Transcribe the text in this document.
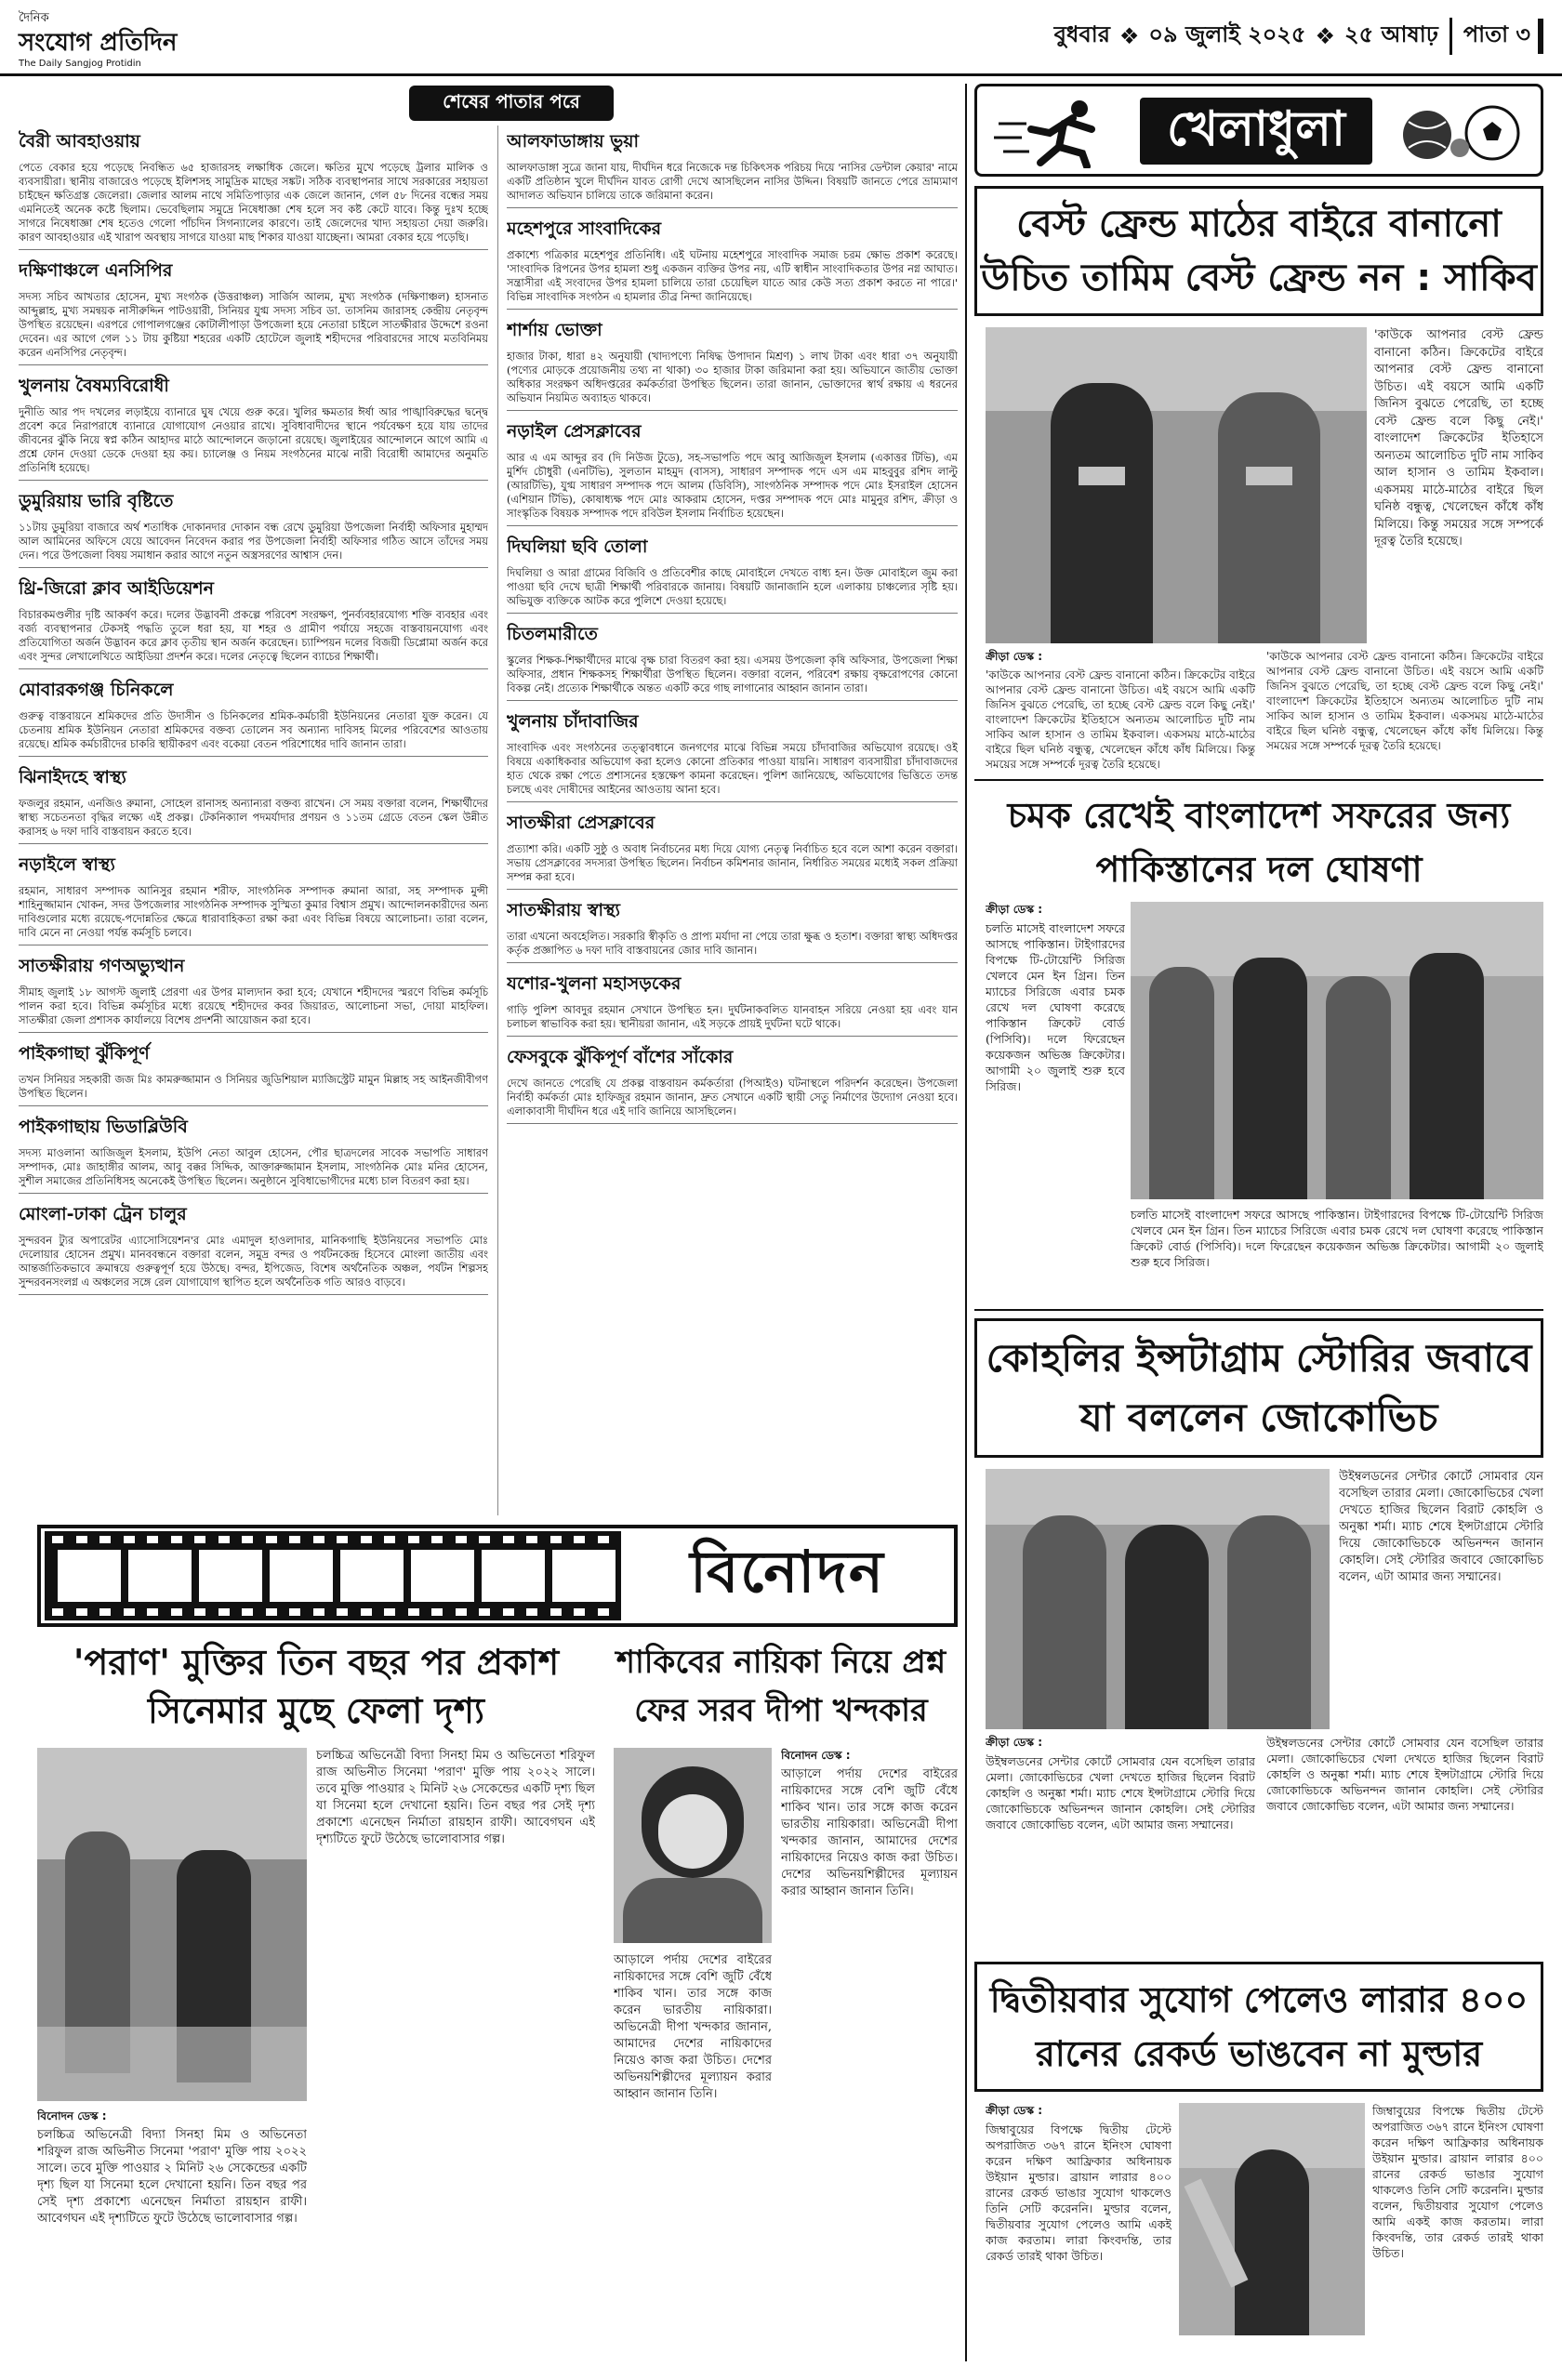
দৈনিক
সংযোগ প্রতিদিন
The Daily Sangjog Protidin
বুধবার ❖ ০৯ জুলাই ২০২৫ ❖ ২৫ আষাঢ়	পাতা ৩
শেষের পাতার পরে
বৈরী আবহাওয়ায়
পেতে বেকার হয়ে পড়েছে নিবন্ধিত ৬৫ হাজারসহ লক্ষাধিক জেলে। ক্ষতির মুখে পড়েছে ট্রলার মালিক ও ব্যবসায়ীরা। স্থানীয় বাজারেও পড়েছে ইলিশসহ সামুদ্রিক মাছের সঙ্কট। সঠিক ব্যবস্থাপনার সাথে সরকারের সহায়তা চাইছেন ক্ষতিগ্রস্ত জেলেরা। জেলার আলম নাথে সমিতিপাড়ার এক জেলে জানান, গেল ৫৮ দিনের বন্ধের সময় এমনিতেই অনেক কষ্টে ছিলাম। ভেবেছিলাম সমুদ্রে নিষেধাজ্ঞা শেষ হলে সব কষ্ট কেটে যাবে। কিন্তু দুঃখ হচ্ছে সাগরে নিষেধাজ্ঞা শেষ হতেও গেলো পাঁচদিন সিগন্যালের কারণে। তাই জেলেদের খাদ্য সহায়তা দেয়া জরুরি। কারণ আবহাওয়ার এই খারাপ অবস্থায় সাগরে যাওয়া মাছ শিকার যাওয়া যাচ্ছেনা। আমরা বেকার হয়ে পড়েছি।
দক্ষিণাঞ্চলে এনসিপির
সদস্য সচিব আখতার হোসেন, মুখ্য সংগঠক (উত্তরাঞ্চল) সার্জিস আলম, মুখ্য সংগঠক (দক্ষিণাঞ্চল) হাসনাত আব্দুল্লাহ, মুখ্য সমন্বয়ক নাসীরুদ্দিন পাটওয়ারী, সিনিয়র যুগ্ম সদস্য সচিব ডা. তাসনিম জারাসহ কেন্দ্রীয় নেতৃবৃন্দ উপস্থিত রয়েছেন। এরপরে গোপালগঞ্জের কোটালীপাড়া উপজেলা হয়ে নেতারা চাইলে সাতক্ষীরার উদ্দেশে রওনা দেবেন। এর আগে গেল ১১ টায় কুষ্টিয়া শহরের একটি হোটেলে জুলাই শহীদদের পরিবারদের সাথে মতবিনিময় করেন এনসিপির নেতৃবৃন্দ।
খুলনায় বৈষম্যবিরোধী
দুনীতি আর পদ দখলের লড়াইয়ে ব্যানারে ঘুষ খেয়ে গুরু করে। খুলির ক্ষমতার ঈর্ষা আর পাঙ্খাবিরুদ্ধের দ্বন্দ্বে প্রবেশ করে নিরাপরাধে ব্যানারে যোগাযোগ নেওয়ার রাখে। সুবিধাবাদীদের স্থানে পর্যবেক্ষণ হয়ে যায় তাদের জীবনের ঝুঁকি নিয়ে স্বপ্ন কঠিন আহাদর মাঠে আন্দোলনে জড়ানো রয়েছে। জুলাইয়ের আন্দোলনে আগে আমি এ প্রশ্নে ফোন দেওয়া ডেকে দেওয়া হয় কয়। চ্যালেঞ্জ ও নিয়ম সংগঠনের মাঝে নারী বিরোধী আমাদের অনুমতি প্রতিনিধি হয়েছে।
ডুমুরিয়ায় ভারি বৃষ্টিতে
১১টায় ডুমুরিয়া বাজারে অর্থ শতাধিক দোকানদার দোকান বন্ধ রেখে ডুমুরিয়া উপজেলা নির্বাহী অফিসার মুহাম্মদ আল আমিনের অফিসে যেয়ে আবেদন নিবেদন করার পর উপজেলা নির্বাহী অফিসার গঠিত আসে তাঁদের সময় দেন। পরে উপজেলা বিষয় সমাধান করার আগে নতুন অস্ত্রসরণের আশ্বাস দেন।
থ্রি-জিরো ক্লাব আইডিয়েশন
বিচারকমণ্ডলীর দৃষ্টি আকর্ষণ করে। দলের উদ্ভাবনী প্রকল্পে পরিবেশ সংরক্ষণ, পুনর্ব্যবহারযোগ্য শক্তি ব্যবহার এবং বর্জ্য ব্যবস্থাপনার টেকসই পদ্ধতি তুলে ধরা হয়, যা শহর ও গ্রামীণ পর্যায়ে সহজে বাস্তবায়নযোগ্য এবং প্রতিযোগিতা অর্জন উদ্ভাবন করে ক্লাব তৃতীয় স্থান অর্জন করেছেন। চ্যাম্পিয়ন দলের বিজয়ী ডিপ্লোমা অর্জন করে এবং সুন্দর লেখালেখিতে আইডিয়া প্রদর্শন করে। দলের নেতৃত্বে ছিলেন ব্যাচের শিক্ষার্থী।
মোবারকগঞ্জ চিনিকলে
গুরুত্ব বাস্তবায়নে শ্রমিকদের প্রতি উদাসীন ও চিনিকলের শ্রমিক-কর্মচারী ইউনিয়নের নেতারা যুক্ত করেন। যে চেতনায় শ্রমিক ইউনিয়ন নেতারা শ্রমিকদের বক্তব্য তোলেন সব অন্যান্য দাবিসহ মিলের পরিবেশের আওতায় রয়েছে। শ্রমিক কর্মচারীদের চাকরি স্থায়ীকরণ এবং বকেয়া বেতন পরিশোধের দাবি জানান তারা।
ঝিনাইদহে স্বাস্থ্য
ফজলুর রহমান, এনজিও রুমানা, সোহেল রানাসহ অন্যান্যরা বক্তব্য রাখেন। সে সময় বক্তারা বলেন, শিক্ষার্থীদের স্বাস্থ্য সচেতনতা বৃদ্ধির লক্ষ্যে এই প্রকল্প। টেকনিক্যাল পদমর্যাদার প্রণয়ন ও ১১তম গ্রেডে বেতন স্কেল উন্নীত করাসহ ৬ দফা দাবি বাস্তবায়ন করতে হবে।
নড়াইলে স্বাস্থ্য
রহমান, সাধারণ সম্পাদক আনিসুর রহমান শরীফ, সাংগঠনিক সম্পাদক রুমানা আরা, সহ সম্পাদক মুন্সী শাহিনুজ্জামান খোকন, সদর উপজেলার সাংগঠনিক সম্পাদক সুস্মিতা কুমার বিশ্বাস প্রমুখ। আন্দোলনকারীদের অন্য দাবিগুলোর মধ্যে রয়েছে-পদোন্নতির ক্ষেত্রে ধারাবাহিকতা রক্ষা করা এবং বিভিন্ন বিষয়ে আলোচনা। তারা বলেন, দাবি মেনে না নেওয়া পর্যন্ত কর্মসূচি চলবে।
সাতক্ষীরায় গণঅভ্যুত্থান
সীমাহ জুলাই ১৮ আগস্ট জুলাই প্রেরণা এর উপর মাল্যদান করা হবে; যেখানে শহীদদের স্মরণে বিভিন্ন কর্মসূচি পালন করা হবে। বিভিন্ন কর্মসূচির মধ্যে রয়েছে শহীদদের কবর জিয়ারত, আলোচনা সভা, দোয়া মাহফিল। সাতক্ষীরা জেলা প্রশাসক কার্যালয়ে বিশেষ প্রদর্শনী আয়োজন করা হবে।
পাইকগাছা ঝুঁকিপূর্ণ
তখন সিনিয়র সহকারী জজ মিঃ কামরুজ্জামান ও সিনিয়র জুডিশিয়াল ম্যাজিস্ট্রেট মামুন মিল্লাহ সহ আইনজীবীগণ উপস্থিত ছিলেন।
পাইকগাছায় ভিডাব্লিউবি
সদস্য মাওলানা আজিজুল ইসলাম, ইউপি নেতা আবুল হোসেন, পৌর ছাত্রদলের সাবেক সভাপতি সাধারণ সম্পাদক, মোঃ জাহাঙ্গীর আলম, আবু বক্কর সিদ্দিক, আক্তারুজ্জামান ইসলাম, সাংগঠনিক মোঃ মনির হোসেন, সুশীল সমাজের প্রতিনিধিসহ অনেকেই উপস্থিত ছিলেন। অনুষ্ঠানে সুবিধাভোগীদের মধ্যে চাল বিতরণ করা হয়।
মোংলা-ঢাকা ট্রেন চালুর
সুন্দরবন ট্যুর অপারেটর এ্যাসোসিয়েশন'র মোঃ এমাদুল হাওলাদার, মানিকগাছি ইউনিয়নের সভাপতি মোঃ দেলোয়ার হোসেন প্রমুখ। মানববন্ধনে বক্তারা বলেন, সমুদ্র বন্দর ও পর্যটনকেন্দ্র হিসেবে মোংলা জাতীয় এবং আন্তর্জাতিকভাবে ক্রমান্বয়ে গুরুত্বপূর্ণ হয়ে উঠছে। বন্দর, ইপিজেড, বিশেষ অর্থনৈতিক অঞ্চল, পর্যটন শিল্পসহ সুন্দরবনসংলগ্ন এ অঞ্চলের সঙ্গে রেল যোগাযোগ স্থাপিত হলে অর্থনৈতিক গতি আরও বাড়বে।
আলফাডাঙ্গায় ভুয়া
আলফাডাঙ্গা সুত্রে জানা যায়, দীর্ঘদিন ধরে নিজেকে দন্ত চিকিৎসক পরিচয় দিয়ে 'নাসির ডেন্টাল কেয়ার' নামে একটি প্রতিষ্ঠান খুলে দীর্ঘদিন যাবত রোগী দেখে আসছিলেন নাসির উদ্দিন। বিষয়টি জানতে পেরে ভ্রাম্যমাণ আদালত অভিযান চালিয়ে তাকে জরিমানা করেন।
মহেশপুরে সাংবাদিকের
প্রকাশ্যে পত্রিকার মহেশপুর প্রতিনিধি। এই ঘটনায় মহেশপুরে সাংবাদিক সমাজ চরম ক্ষোভ প্রকাশ করেছে। 'সাংবাদিক রিপনের উপর হামলা শুধু একজন ব্যক্তির উপর নয়, এটি স্বাধীন সাংবাদিকতার উপর নগ্ন আঘাত। সন্ত্রাসীরা এই সংবাদের উপর হামলা চালিয়ে তারা চেয়েছিল যাতে আর কেউ সত্য প্রকাশ করতে না পারে।' বিভিন্ন সাংবাদিক সংগঠন এ হামলার তীব্র নিন্দা জানিয়েছে।
শার্শায় ভোক্তা
হাজার টাকা, ধারা ৪২ অনুযায়ী (খাদ্যপণ্যে নিষিদ্ধ উপাদান মিশ্রণ) ১ লাখ টাকা এবং ধারা ৩৭ অনুযায়ী (পণ্যের মোড়কে প্রয়োজনীয় তথ্য না থাকা) ৩০ হাজার টাকা জরিমানা করা হয়। অভিযানে জাতীয় ভোক্তা অধিকার সংরক্ষণ অধিদপ্তরের কর্মকর্তারা উপস্থিত ছিলেন। তারা জানান, ভোক্তাদের স্বার্থ রক্ষায় এ ধরনের অভিযান নিয়মিত অব্যাহত থাকবে।
নড়াইল প্রেসক্লাবের
আর এ এম আব্দুর রব (দি নিউজ টুডে), সহ-সভাপতি পদে আবু আজিজুল ইসলাম (একাত্তর টিভি), এম মুর্শিদ চৌধুরী (এনটিভি), সুলতান মাহমুদ (বাসস), সাধারণ সম্পাদক পদে এস এম মাহবুবুর রশিদ লাল্টু (আরটিভি), যুগ্ম সাধারণ সম্পাদক পদে আলম (ডিবিসি), সাংগঠনিক সম্পাদক পদে মোঃ ইসরাইল হোসেন (এশিয়ান টিভি), কোষাধ্যক্ষ পদে মোঃ আকরাম হোসেন, দপ্তর সম্পাদক পদে মোঃ মামুনুর রশিদ, ক্রীড়া ও সাংস্কৃতিক বিষয়ক সম্পাদক পদে রবিউল ইসলাম নির্বাচিত হয়েছেন।
দিঘলিয়া ছবি তোলা
দিঘলিয়া ও আরা গ্রামের বিজিবি ও প্রতিবেশীর কাছে মোবাইলে দেখতে বাধ্য হন। উক্ত মোবাইলে জুম করা পাওয়া ছবি দেখে ছাত্রী শিক্ষার্থী পরিবারকে জানায়। বিষয়টি জানাজানি হলে এলাকায় চাঞ্চল্যের সৃষ্টি হয়। অভিযুক্ত ব্যক্তিকে আটক করে পুলিশে দেওয়া হয়েছে।
চিতলমারীতে
স্কুলের শিক্ষক-শিক্ষার্থীদের মাঝে বৃক্ষ চারা বিতরণ করা হয়। এসময় উপজেলা কৃষি অফিসার, উপজেলা শিক্ষা অফিসার, প্রধান শিক্ষকসহ শিক্ষার্থীরা উপস্থিত ছিলেন। বক্তারা বলেন, পরিবেশ রক্ষায় বৃক্ষরোপণের কোনো বিকল্প নেই। প্রত্যেক শিক্ষার্থীকে অন্তত একটি করে গাছ লাগানোর আহ্বান জানান তারা।
খুলনায় চাঁদাবাজির
সাংবাদিক এবং সংগঠনের তত্ত্বাবধানে জনগণের মাঝে বিভিন্ন সময়ে চাঁদাবাজির অভিযোগ রয়েছে। ওই বিষয়ে একাধিকবার অভিযোগ করা হলেও কোনো প্রতিকার পাওয়া যায়নি। সাধারণ ব্যবসায়ীরা চাঁদাবাজদের হাত থেকে রক্ষা পেতে প্রশাসনের হস্তক্ষেপ কামনা করেছেন। পুলিশ জানিয়েছে, অভিযোগের ভিত্তিতে তদন্ত চলছে এবং দোষীদের আইনের আওতায় আনা হবে।
সাতক্ষীরা প্রেসক্লাবের
প্রত্যাশা করি। একটি সুষ্ঠু ও অবাধ নির্বাচনের মধ্য দিয়ে যোগ্য নেতৃত্ব নির্বাচিত হবে বলে আশা করেন বক্তারা। সভায় প্রেসক্লাবের সদস্যরা উপস্থিত ছিলেন। নির্বাচন কমিশনার জানান, নির্ধারিত সময়ের মধ্যেই সকল প্রক্রিয়া সম্পন্ন করা হবে।
সাতক্ষীরায় স্বাস্থ্য
তারা এখনো অবহেলিত। সরকারি স্বীকৃতি ও প্রাপ্য মর্যাদা না পেয়ে তারা ক্ষুব্ধ ও হতাশ। বক্তারা স্বাস্থ্য অধিদপ্তর কর্তৃক প্রজ্ঞাপিত ৬ দফা দাবি বাস্তবায়নের জোর দাবি জানান।
যশোর-খুলনা মহাসড়কের
গাড়ি পুলিশ আবদুর রহমান সেখানে উপস্থিত হন। দুর্ঘটনাকবলিত যানবাহন সরিয়ে নেওয়া হয় এবং যান চলাচল স্বাভাবিক করা হয়। স্থানীয়রা জানান, এই সড়কে প্রায়ই দুর্ঘটনা ঘটে থাকে।
ফেসবুকে ঝুঁকিপূর্ণ বাঁশের সাঁকোর
দেখে জানতে পেরেছি যে প্রকল্প বাস্তবায়ন কর্মকর্তারা (পিআইও) ঘটনাস্থলে পরিদর্শন করেছেন। উপজেলা নির্বাহী কর্মকর্তা মোঃ হাফিজুর রহমান জানান, দ্রুত সেখানে একটি স্থায়ী সেতু নির্মাণের উদ্যোগ নেওয়া হবে। এলাকাবাসী দীর্ঘদিন ধরে এই দাবি জানিয়ে আসছিলেন।
বিনোদন
'পরাণ' মুক্তির তিন বছর পর প্রকাশ সিনেমার মুছে ফেলা দৃশ্য
বিনোদন ডেস্ক :
চলচ্চিত্র অভিনেত্রী বিদ্যা সিনহা মিম ও অভিনেতা শরিফুল রাজ অভিনীত সিনেমা 'পরাণ' মুক্তি পায় ২০২২ সালে। তবে মুক্তি পাওয়ার ২ মিনিট ২৬ সেকেন্ডের একটি দৃশ্য ছিল যা সিনেমা হলে দেখানো হয়নি। তিন বছর পর সেই দৃশ্য প্রকাশ্যে এনেছেন নির্মাতা রায়হান রাফী। আবেগঘন এই দৃশ্যটিতে ফুটে উঠেছে ভালোবাসার গল্প।
চলচ্চিত্র অভিনেত্রী বিদ্যা সিনহা মিম ও অভিনেতা শরিফুল রাজ অভিনীত সিনেমা 'পরাণ' মুক্তি পায় ২০২২ সালে। তবে মুক্তি পাওয়ার ২ মিনিট ২৬ সেকেন্ডের একটি দৃশ্য ছিল যা সিনেমা হলে দেখানো হয়নি। তিন বছর পর সেই দৃশ্য প্রকাশ্যে এনেছেন নির্মাতা রায়হান রাফী। আবেগঘন এই দৃশ্যটিতে ফুটে উঠেছে ভালোবাসার গল্প।
শাকিবের নায়িকা নিয়ে প্রশ্ন ফের সরব দীপা খন্দকার
বিনোদন ডেস্ক :
আড়ালে পর্দায় দেশের বাইরের নায়িকাদের সঙ্গে বেশি জুটি বেঁধে শাকিব খান। তার সঙ্গে কাজ করেন ভারতীয় নায়িকারা। অভিনেত্রী দীপা খন্দকার জানান, আমাদের দেশের নায়িকাদের নিয়েও কাজ করা উচিত। দেশের অভিনয়শিল্পীদের মূল্যায়ন করার আহ্বান জানান তিনি।
আড়ালে পর্দায় দেশের বাইরের নায়িকাদের সঙ্গে বেশি জুটি বেঁধে শাকিব খান। তার সঙ্গে কাজ করেন ভারতীয় নায়িকারা। অভিনেত্রী দীপা খন্দকার জানান, আমাদের দেশের নায়িকাদের নিয়েও কাজ করা উচিত। দেশের অভিনয়শিল্পীদের মূল্যায়ন করার আহ্বান জানান তিনি।
খেলাধুলা
বেস্ট ফ্রেন্ড মাঠের বাইরে বানানো উচিত তামিম বেস্ট ফ্রেন্ড নন : সাকিব
'কাউকে আপনার বেস্ট ফ্রেন্ড বানানো কঠিন। ক্রিকেটের বাইরে আপনার বেস্ট ফ্রেন্ড বানানো উচিত। এই বয়সে আমি একটি জিনিস বুঝতে পেরেছি, তা হচ্ছে বেস্ট ফ্রেন্ড বলে কিছু নেই।' বাংলাদেশ ক্রিকেটের ইতিহাসে অন্যতম আলোচিত দুটি নাম সাকিব আল হাসান ও তামিম ইকবাল। একসময় মাঠে-মাঠের বাইরে ছিল ঘনিষ্ঠ বন্ধুত্ব, খেলেছেন কাঁধে কাঁধ মিলিয়ে। কিন্তু সময়ের সঙ্গে সম্পর্কে দূরত্ব তৈরি হয়েছে।
ক্রীড়া ডেস্ক :
'কাউকে আপনার বেস্ট ফ্রেন্ড বানানো কঠিন। ক্রিকেটের বাইরে আপনার বেস্ট ফ্রেন্ড বানানো উচিত। এই বয়সে আমি একটি জিনিস বুঝতে পেরেছি, তা হচ্ছে বেস্ট ফ্রেন্ড বলে কিছু নেই।' বাংলাদেশ ক্রিকেটের ইতিহাসে অন্যতম আলোচিত দুটি নাম সাকিব আল হাসান ও তামিম ইকবাল। একসময় মাঠে-মাঠের বাইরে ছিল ঘনিষ্ঠ বন্ধুত্ব, খেলেছেন কাঁধে কাঁধ মিলিয়ে। কিন্তু সময়ের সঙ্গে সম্পর্কে দূরত্ব তৈরি হয়েছে।
'কাউকে আপনার বেস্ট ফ্রেন্ড বানানো কঠিন। ক্রিকেটের বাইরে আপনার বেস্ট ফ্রেন্ড বানানো উচিত। এই বয়সে আমি একটি জিনিস বুঝতে পেরেছি, তা হচ্ছে বেস্ট ফ্রেন্ড বলে কিছু নেই।' বাংলাদেশ ক্রিকেটের ইতিহাসে অন্যতম আলোচিত দুটি নাম সাকিব আল হাসান ও তামিম ইকবাল। একসময় মাঠে-মাঠের বাইরে ছিল ঘনিষ্ঠ বন্ধুত্ব, খেলেছেন কাঁধে কাঁধ মিলিয়ে। কিন্তু সময়ের সঙ্গে সম্পর্কে দূরত্ব তৈরি হয়েছে।
চমক রেখেই বাংলাদেশ সফরের জন্য পাকিস্তানের দল ঘোষণা
ক্রীড়া ডেস্ক :
চলতি মাসেই বাংলাদেশ সফরে আসছে পাকিস্তান। টাইগারদের বিপক্ষে টি-টোয়েন্টি সিরিজ খেলবে মেন ইন গ্রিন। তিন ম্যাচের সিরিজে এবার চমক রেখে দল ঘোষণা করেছে পাকিস্তান ক্রিকেট বোর্ড (পিসিবি)। দলে ফিরেছেন কয়েকজন অভিজ্ঞ ক্রিকেটার। আগামী ২০ জুলাই শুরু হবে সিরিজ।
চলতি মাসেই বাংলাদেশ সফরে আসছে পাকিস্তান। টাইগারদের বিপক্ষে টি-টোয়েন্টি সিরিজ খেলবে মেন ইন গ্রিন। তিন ম্যাচের সিরিজে এবার চমক রেখে দল ঘোষণা করেছে পাকিস্তান ক্রিকেট বোর্ড (পিসিবি)। দলে ফিরেছেন কয়েকজন অভিজ্ঞ ক্রিকেটার। আগামী ২০ জুলাই শুরু হবে সিরিজ।
কোহলির ইন্সটাগ্রাম স্টোরির জবাবে যা বললেন জোকোভিচ
উইম্বলডনের সেন্টার কোর্টে সোমবার যেন বসেছিল তারার মেলা। জোকোভিচের খেলা দেখতে হাজির ছিলেন বিরাট কোহলি ও অনুষ্কা শর্মা। ম্যাচ শেষে ইন্সটাগ্রামে স্টোরি দিয়ে জোকোভিচকে অভিনন্দন জানান কোহলি। সেই স্টোরির জবাবে জোকোভিচ বলেন, এটা আমার জন্য সম্মানের।
ক্রীড়া ডেস্ক :
উইম্বলডনের সেন্টার কোর্টে সোমবার যেন বসেছিল তারার মেলা। জোকোভিচের খেলা দেখতে হাজির ছিলেন বিরাট কোহলি ও অনুষ্কা শর্মা। ম্যাচ শেষে ইন্সটাগ্রামে স্টোরি দিয়ে জোকোভিচকে অভিনন্দন জানান কোহলি। সেই স্টোরির জবাবে জোকোভিচ বলেন, এটা আমার জন্য সম্মানের।
উইম্বলডনের সেন্টার কোর্টে সোমবার যেন বসেছিল তারার মেলা। জোকোভিচের খেলা দেখতে হাজির ছিলেন বিরাট কোহলি ও অনুষ্কা শর্মা। ম্যাচ শেষে ইন্সটাগ্রামে স্টোরি দিয়ে জোকোভিচকে অভিনন্দন জানান কোহলি। সেই স্টোরির জবাবে জোকোভিচ বলেন, এটা আমার জন্য সম্মানের।
দ্বিতীয়বার সুযোগ পেলেও লারার ৪০০ রানের রেকর্ড ভাঙবেন না মুল্ডার
ক্রীড়া ডেস্ক :
জিম্বাবুয়ের বিপক্ষে দ্বিতীয় টেস্টে অপরাজিত ৩৬৭ রানে ইনিংস ঘোষণা করেন দক্ষিণ আফ্রিকার অধিনায়ক উইয়ান মুল্ডার। ব্রায়ান লারার ৪০০ রানের রেকর্ড ভাঙার সুযোগ থাকলেও তিনি সেটি করেননি। মুল্ডার বলেন, দ্বিতীয়বার সুযোগ পেলেও আমি একই কাজ করতাম। লারা কিংবদন্তি, তার রেকর্ড তারই থাকা উচিত।
জিম্বাবুয়ের বিপক্ষে দ্বিতীয় টেস্টে অপরাজিত ৩৬৭ রানে ইনিংস ঘোষণা করেন দক্ষিণ আফ্রিকার অধিনায়ক উইয়ান মুল্ডার। ব্রায়ান লারার ৪০০ রানের রেকর্ড ভাঙার সুযোগ থাকলেও তিনি সেটি করেননি। মুল্ডার বলেন, দ্বিতীয়বার সুযোগ পেলেও আমি একই কাজ করতাম। লারা কিংবদন্তি, তার রেকর্ড তারই থাকা উচিত।
